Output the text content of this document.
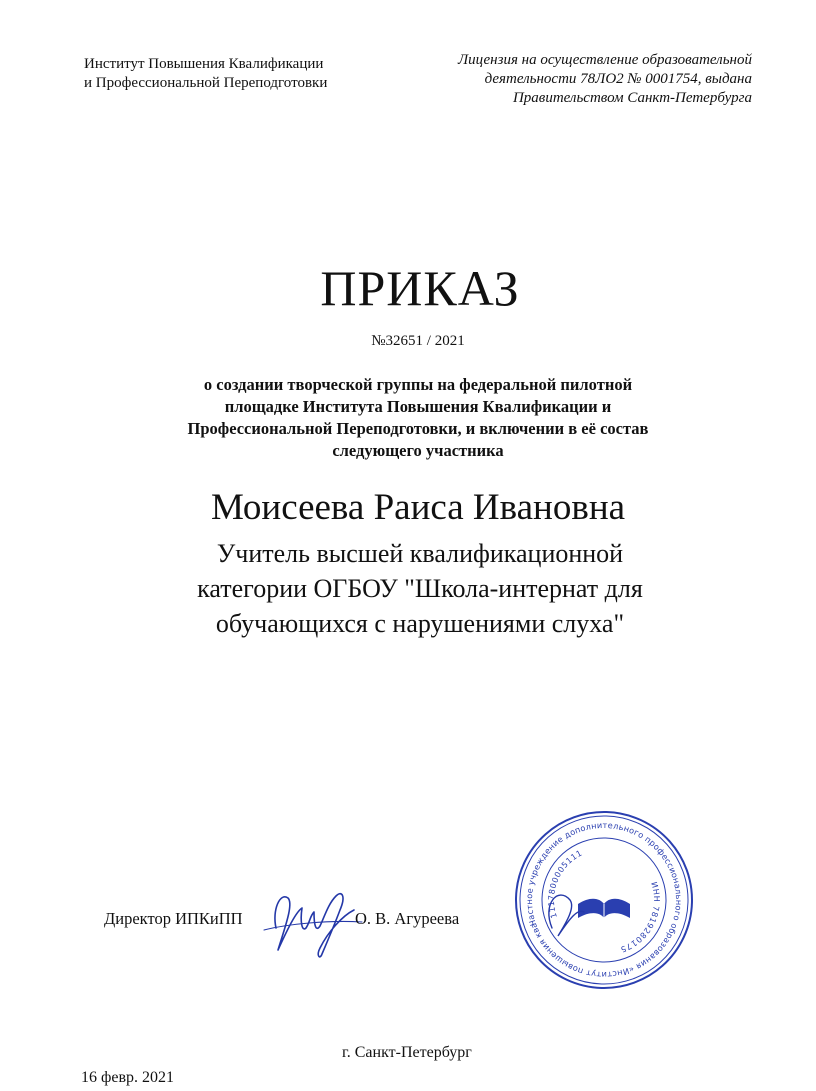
Институт Повышения Квалификации
и Профессиональной Переподготовки
Лицензия на осуществление образовательной
деятельности 78ЛО2 № 0001754, выдана
Правительством Санкт-Петербурга
ПРИКАЗ
№32651 / 2021
о создании творческой группы на федеральной пилотной
площадке Института Повышения Квалификации и
Профессиональной Переподготовки, и включении в её состав
следующего участника
Моисеева Раиса Ивановна
Учитель высшей квалификационной
категории ОГБОУ "Школа-интернат для
обучающихся с нарушениями слуха"
Директор ИПКиПП	О. В. Агуреева	Частное учреждение дополнительного профессионального образования «Институт повышения квалификации
1117800005111
ИНН 7819280175
г. Санкт-Петербург
16 февр. 2021
